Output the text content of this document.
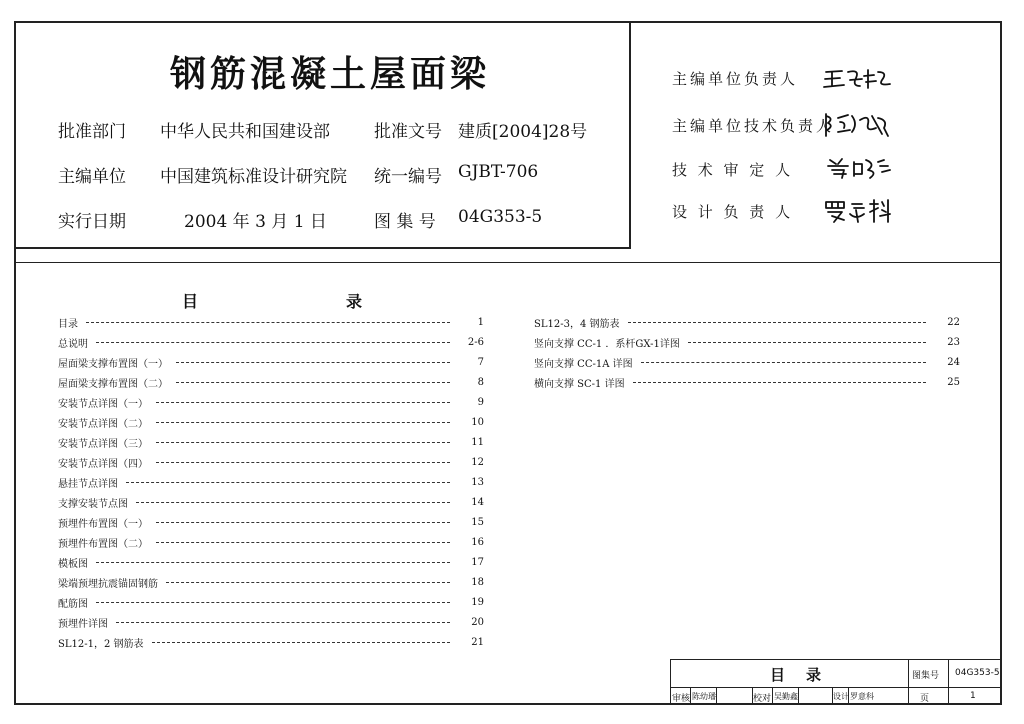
钢筋混凝土屋面梁
批准部门 中华人民共和国建设部	批准文号 建质[2004]28号
主编单位 中国建筑标准设计研究院 统一编号 GJBT-706
实行日期	2004 年 3 月 1 日	图 集 号 04G353-5
主编单位负责人
主编单位技术负责人
技 术 审 定 人
设 计 负 责 人
目	录
目录	1
总说明	2-6
屋面梁支撑布置图（一）	7
屋面梁支撑布置图（二）	8
安装节点详图（一）	9
安装节点详图（二）	10
安装节点详图（三）	11
安装节点详图（四）	12
悬挂节点详图	13
支撑安装节点图	14
预埋件布置图（一）	15
预埋件布置图（二）	16
模板图	17
梁端预埋抗震锚固钢筋	18
配筋图	19
预埋件详图	20
SL12-1，2 钢筋表	21
SL12-3，4 钢筋表	22
竖向支撑 CC-1 ．系杆GX-1详图	23
竖向支撑 CC-1A 详图	24
横向支撑 SC-1 详图	25
目 录	图集号 04G353-5
审核 陈幼璠	校对 吴勤鑫	设计 罗意科	页	1
